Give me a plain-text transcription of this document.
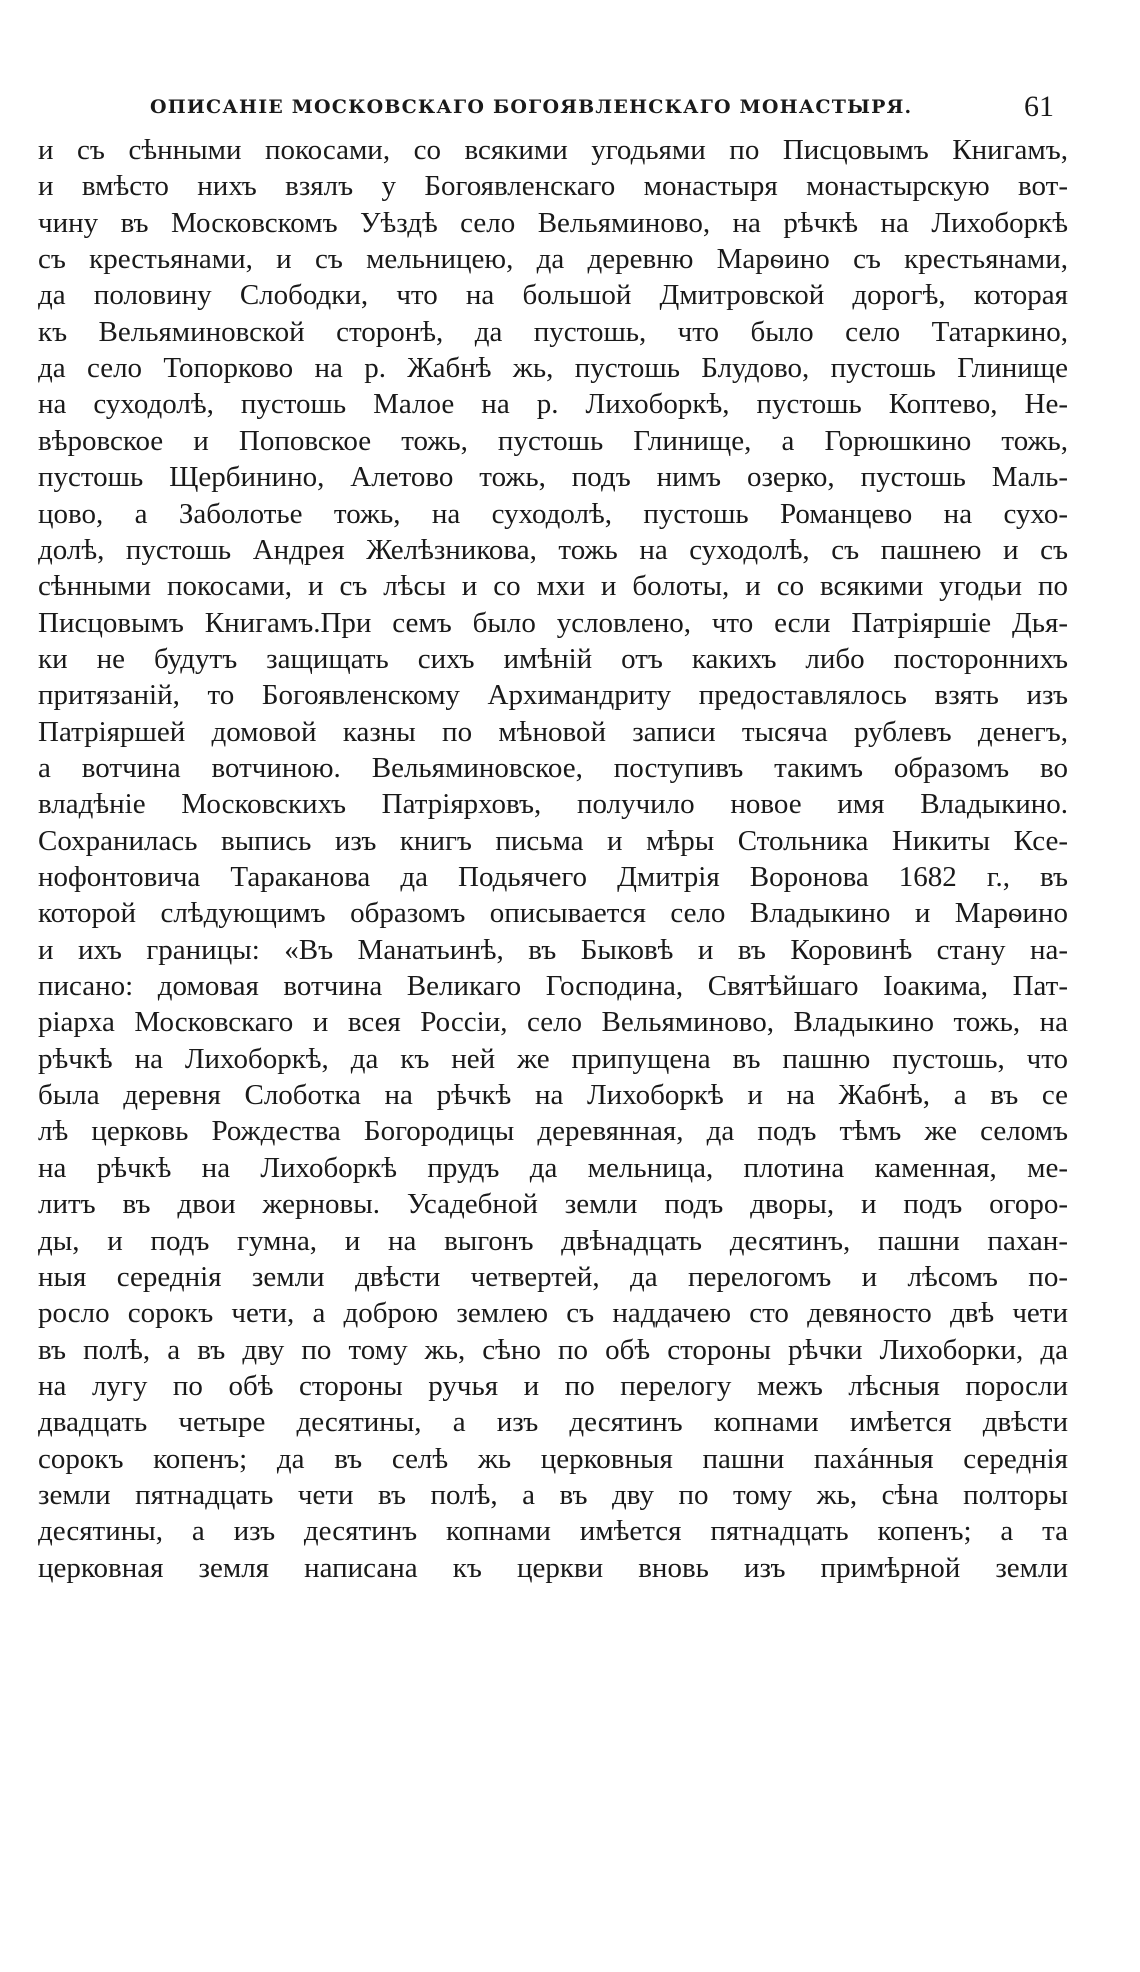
ОПИСАНІЕ МОСКОВСКАГО БОГОЯВЛЕНСКАГО МОНАСТЫРЯ.	61
и съ сѣнными покосами, со всякими угодьями по Писцовымъ Книгамъ,
и вмѣсто нихъ взялъ у Богоявленскаго монастыря монастырскую вот-
чину въ Московскомъ Уѣздѣ село Вельяминово, на рѣчкѣ на Лихоборкѣ
съ крестьянами, и съ мельницею, да деревню Марѳино съ крестьянами,
да половину Слободки, что на большой Дмитровской дорогѣ, которая
къ Вельяминовской сторонѣ, да пустошь, что было село Татаркино,
да село Топорково на р. Жабнѣ жь, пустошь Блудово, пустошь Глинище
на суходолѣ, пустошь Малое на р. Лихоборкѣ, пустошь Коптево, Не-
вѣровское и Поповское тожь, пустошь Глинище, а Горюшкино тожь,
пустошь Щербинино, Алетово тожь, подъ нимъ озерко, пустошь Маль-
цово, а Заболотье тожь, на суходолѣ, пустошь Романцево на сухо-
долѣ, пустошь Андрея Желѣзникова, тожь на суходолѣ, съ пашнею и съ
сѣнными покосами, и съ лѣсы и со мхи и болоты, и со всякими угодьи по
Писцовымъ Книгамъ.При семъ было условлено, что если Патріяршіе Дья-
ки не будутъ защищать сихъ имѣній отъ какихъ либо постороннихъ
притязаній, то Богоявленскому Архимандриту предоставлялось взять изъ
Патріяршей домовой казны по мѣновой записи тысяча рублевъ денегъ,
а вотчина вотчиною. Вельяминовское, поступивъ такимъ образомъ во
владѣніе Московскихъ Патріярховъ, получило новое имя Владыкино.
Сохранилась выпись изъ книгъ письма и мѣры Стольника Никиты Ксе-
нофонтовича Тараканова да Подьячего Дмитрія Воронова 1682 г., въ
которой слѣдующимъ образомъ описывается село Владыкино и Марѳино
и ихъ границы: «Въ Манатьинѣ, въ Быковѣ и въ Коровинѣ стану на-
писано: домовая вотчина Великаго Господина, Святѣйшаго Іоакима, Пат-
ріарха Московскаго и всея Россіи, село Вельяминово, Владыкино тожь, на
рѣчкѣ на Лихоборкѣ, да къ ней же припущена въ пашню пустошь, что
была деревня Слоботка на рѣчкѣ на Лихоборкѣ и на Жабнѣ, а въ се
лѣ церковь Рождества Богородицы деревянная, да подъ тѣмъ же селомъ
на рѣчкѣ на Лихоборкѣ прудъ да мельница, плотина каменная, ме-
литъ въ двои жерновы. Усадебной земли подъ дворы, и подъ огоро-
ды, и подъ гумна, и на выгонъ двѣнадцать десятинъ, пашни пахан-
ныя середнія земли двѣсти четвертей, да перелогомъ и лѣсомъ по-
росло сорокъ чети, а доброю землею съ наддачею сто девяносто двѣ чети
въ полѣ, а въ дву по тому жь, сѣно по обѣ стороны рѣчки Лихоборки, да
на лугу по обѣ стороны ручья и по перелогу межъ лѣсныя поросли
двадцать четыре десятины, а изъ десятинъ копнами имѣется двѣсти
сорокъ копенъ; да въ селѣ жь церковныя пашни пахáнныя середнія
земли пятнадцать чети въ полѣ, а въ дву по тому жь, сѣна полторы
десятины, а изъ десятинъ копнами имѣется пятнадцать копенъ; а та
церковная земля написана къ церкви вновь изъ примѣрной земли
